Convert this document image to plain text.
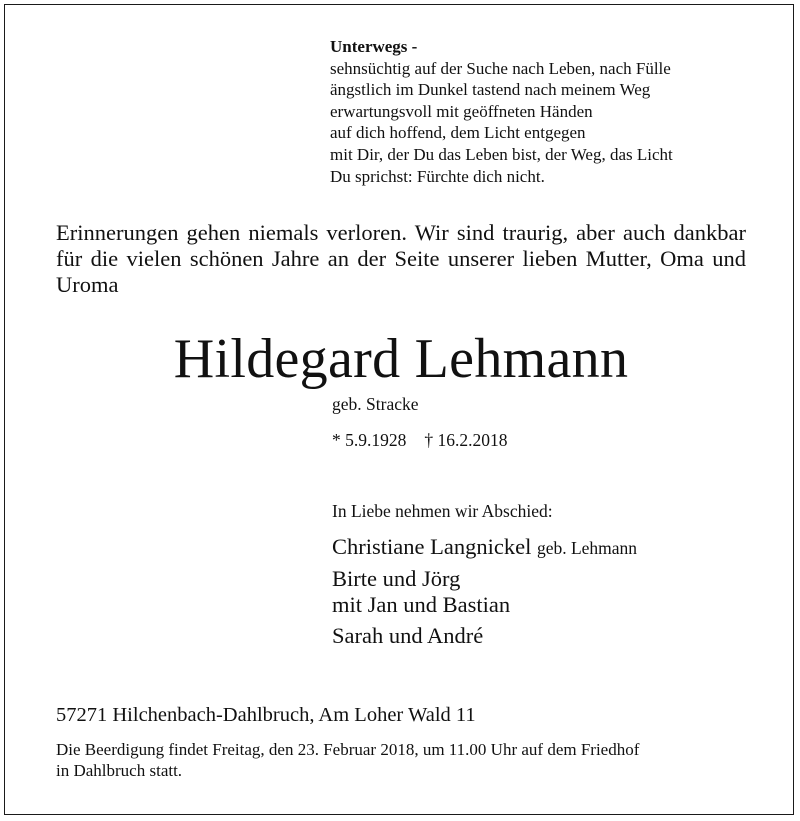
Unterwegs -
sehnsüchtig auf der Suche nach Leben, nach Fülle
ängstlich im Dunkel tastend nach meinem Weg
erwartungsvoll mit geöffneten Händen
auf dich hoffend, dem Licht entgegen
mit Dir, der Du das Leben bist, der Weg, das Licht
Du sprichst: Fürchte dich nicht.
Erinnerungen gehen niemals verloren. Wir sind traurig, aber auch dankbar für die vielen schönen Jahre an der Seite unserer lieben Mutter, Oma und Uroma
Hildegard Lehmann
geb. Stracke
* 5.9.1928 † 16.2.2018
In Liebe nehmen wir Abschied:
Christiane Langnickel geb. Lehmann
Birte und Jörg
mit Jan und Bastian
Sarah und André
57271 Hilchenbach-Dahlbruch, Am Loher Wald 11
Die Beerdigung findet Freitag, den 23. Februar 2018, um 11.00 Uhr auf dem Friedhof
in Dahlbruch statt.
